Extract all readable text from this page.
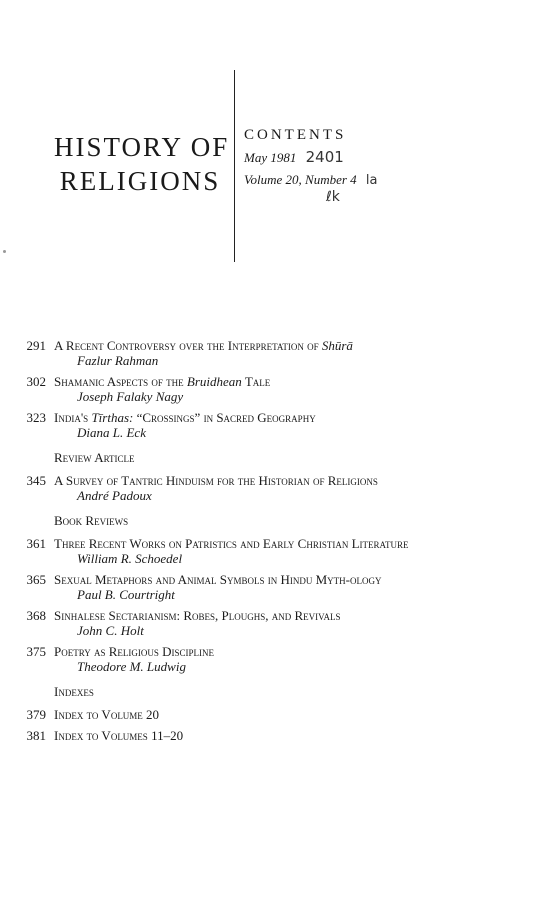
HISTORY OF
RELIGIONS
CONTENTS
May 1981 2401
Volume 20, Number 4 la
ℓk
291 A Recent Controversy over the Interpretation of Shūrā
Fazlur Rahman
302 Shamanic Aspects of the Bruidhean Tale
Joseph Falaky Nagy
323 India's Tīrthas: “Crossings” in Sacred Geography
Diana L. Eck
Review Article
345 A Survey of Tantric Hinduism for the Historian of Religions
André Padoux
Book Reviews
361 Three Recent Works on Patristics and Early Christian Literature
William R. Schoedel
365 Sexual Metaphors and Animal Symbols in Hindu Myth-ology
Paul B. Courtright
368 Sinhalese Sectarianism: Robes, Ploughs, and Revivals
John C. Holt
375 Poetry as Religious Discipline
Theodore M. Ludwig
Indexes
379 Index to Volume 20
381 Index to Volumes 11–20
